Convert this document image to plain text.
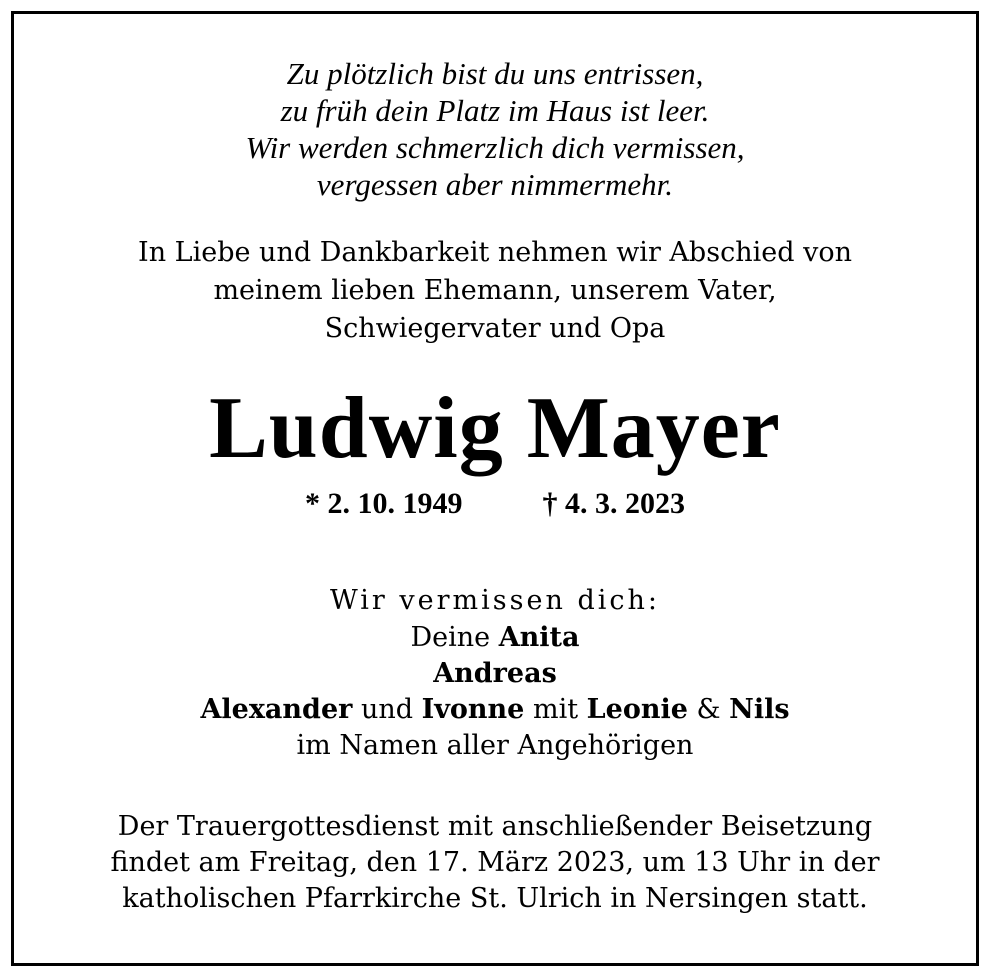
Zu plötzlich bist du uns entrissen,
zu früh dein Platz im Haus ist leer.
Wir werden schmerzlich dich vermissen,
vergessen aber nimmermehr.
In Liebe und Dankbarkeit nehmen wir Abschied von
meinem lieben Ehemann, unserem Vater,
Schwiegervater und Opa
Ludwig Mayer
* 2. 10. 1949	† 4. 3. 2023
Wir vermissen dich:
Deine Anita
Andreas
Alexander und Ivonne mit Leonie & Nils
im Namen aller Angehörigen
Der Trauergottesdienst mit anschließender Beisetzung
findet am Freitag, den 17. März 2023, um 13 Uhr in der
katholischen Pfarrkirche St. Ulrich in Nersingen statt.
